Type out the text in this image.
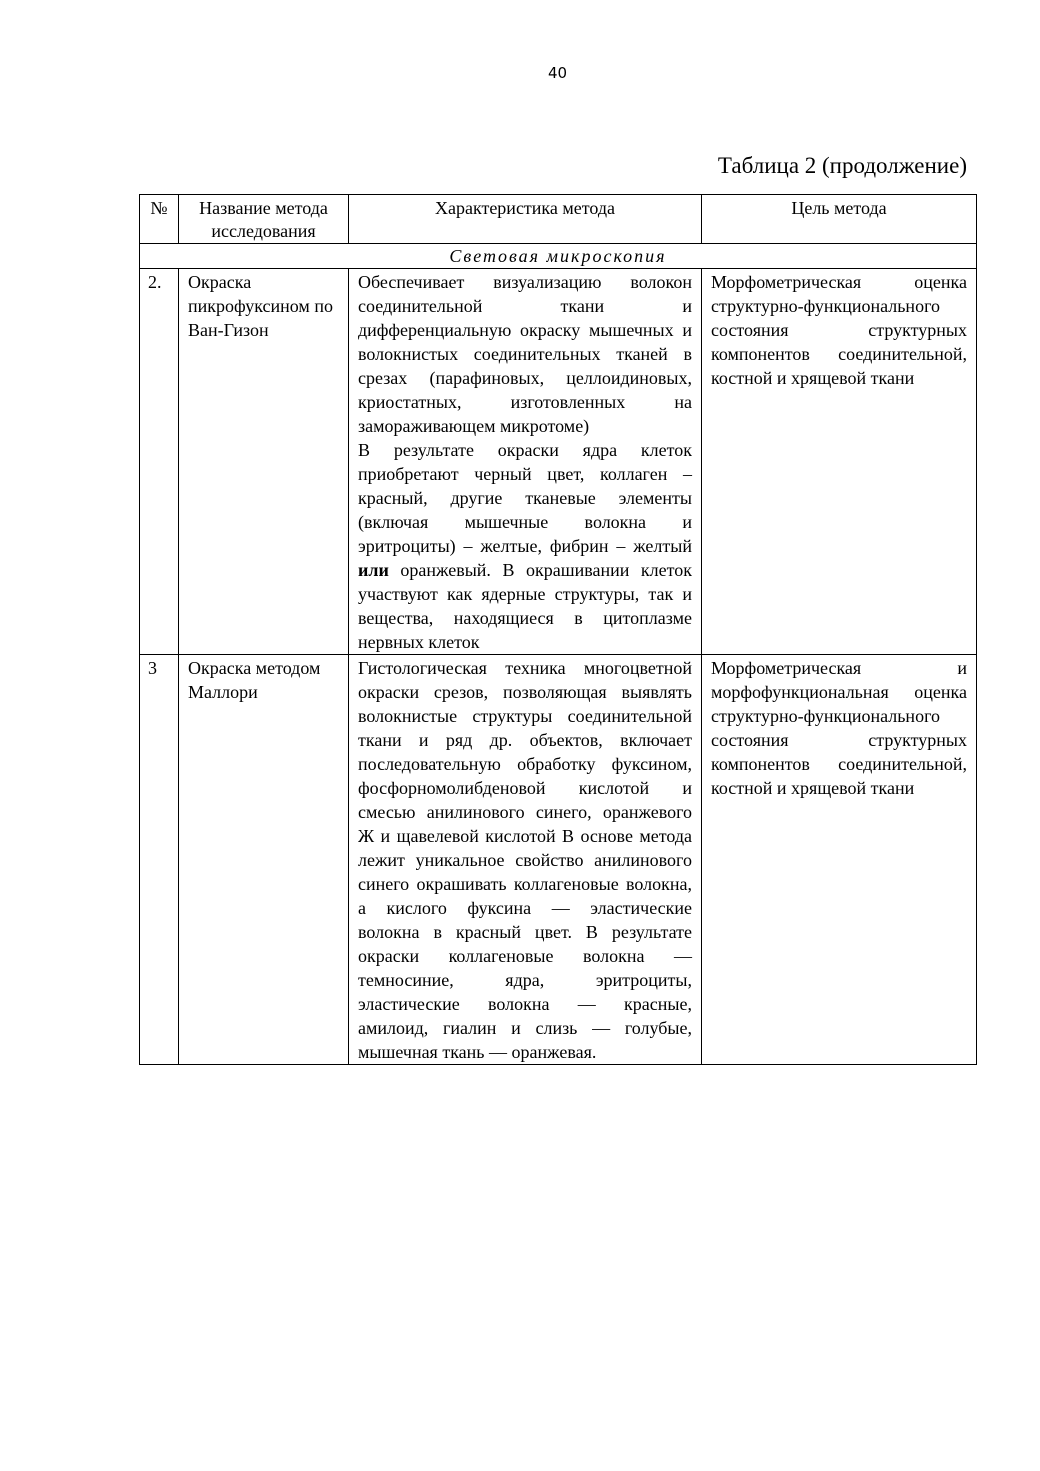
40
Таблица 2 (продолжение)
№	Название метода исследования	Характеристика метода	Цель метода
Световая микроскопия			
2.	Окраска пикрофуксином по Ван-Гизон	Обеспечивает визуализацию волокон соединительной ткани и дифференциальную окраску мышечных и волокнистых соединительных тканей в срезах (парафиновых, целлоидиновых, криостатных, изготовленных на замораживающем микротоме)
В результате окраски ядра клеток приобретают черный цвет, коллаген – красный, другие тканевые элементы (включая мышечные волокна и эритроциты) – желтые, фибрин – желтый или оранжевый. В окрашивании клеток участвуют как ядерные структуры, так и вещества, находящиеся в цитоплазме нервных клеток	Морфометрическая оценка структурно-функционального состояния структурных компонентов соединительной, костной и хрящевой ткани
3	Окраска методом Маллори	Гистологическая техника многоцветной окраски срезов, позволяющая выявлять волокнистые структуры соединительной ткани и ряд др. объектов, включает последовательную обработку фуксином, фосфорномолибденовой кислотой и смесью анилинового синего, оранжевого Ж и щавелевой кислотой В основе метода лежит уникальное свойство анилинового синего окрашивать коллагеновые волокна, а кислого фуксина — эластические волокна в красный цвет. В результате окраски коллагеновые волокна — темносиние, ядра, эритроциты, эластические волокна — красные, амилоид, гиалин и слизь — голубые, мышечная ткань — оранжевая.	Морфометрическая и морфофункциональная оценка структурно-функционального состояния структурных компонентов соединительной, костной и хрящевой ткани
